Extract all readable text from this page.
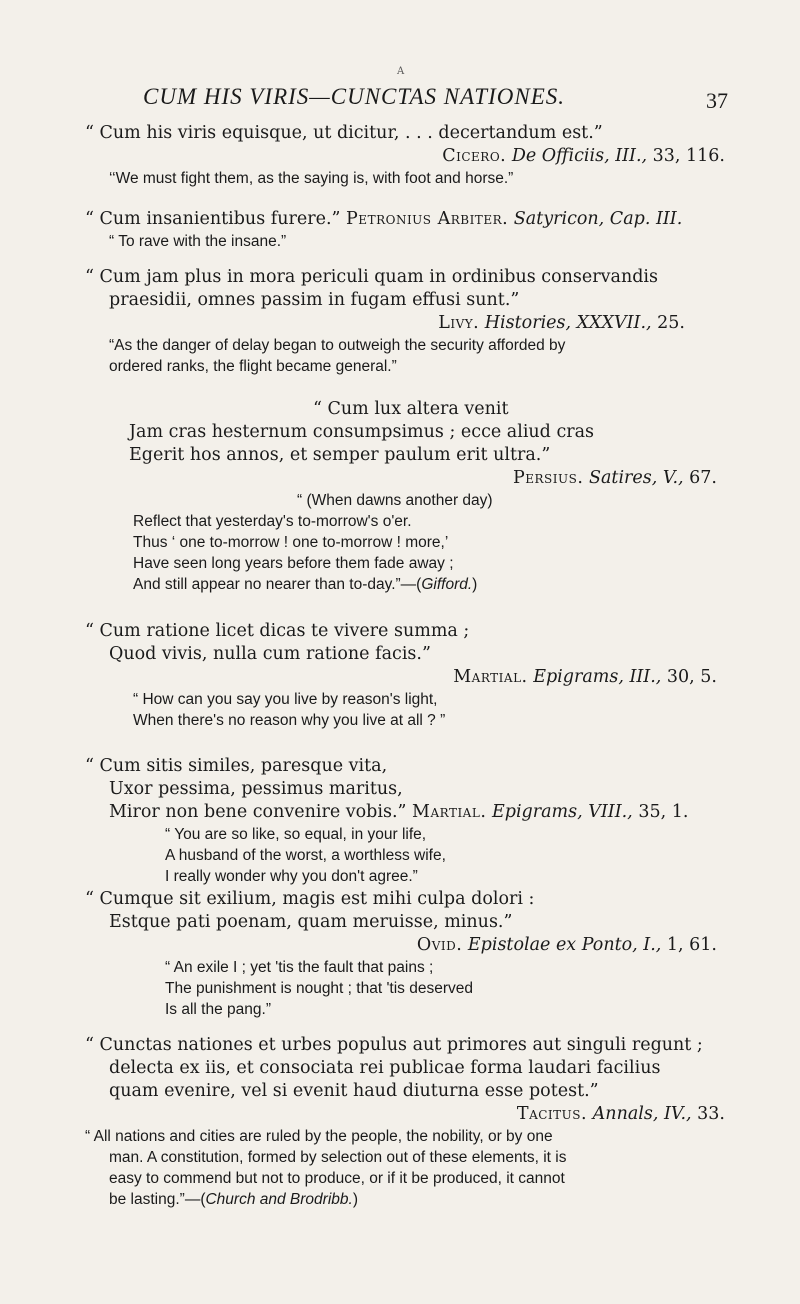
A
CUM HIS VIRIS—CUNCTAS NATIONES.	37

“ Cum his viris equisque, ut dicitur, . . . decertandum est.”

Cicero. De Officiis, III., 33, 116.

‘‘We must fight them, as the saying is, with foot and horse.”

“ Cum insanientibus furere.” Petronius Arbiter. Satyricon, Cap. III.

“ To rave with the insane.”

“ Cum jam plus in mora periculi quam in ordinibus conservandis

praesidii, omnes passim in fugam effusi sunt.”

Livy. Histories, XXXVII., 25.

“As the danger of delay began to outweigh the security afforded by

ordered ranks, the flight became general.”

“ Cum lux altera venit

Jam cras hesternum consumpsimus ; ecce aliud cras

Egerit hos annos, et semper paulum erit ultra.”

Persius. Satires, V., 67.

“ (When dawns another day)

Reflect that yesterday's to-morrow's o'er.

Thus ‘ one to-morrow ! one to-morrow ! more,’

Have seen long years before them fade away ;

And still appear no nearer than to-day.”—(Gifford.)

“ Cum ratione licet dicas te vivere summa ;

Quod vivis, nulla cum ratione facis.”

Martial. Epigrams, III., 30, 5.

“ How can you say you live by reason's light,

When there's no reason why you live at all ? ”

“ Cum sitis similes, paresque vita,

Uxor pessima, pessimus maritus,

Miror non bene convenire vobis.” Martial. Epigrams, VIII., 35, 1.

“ You are so like, so equal, in your life,

A husband of the worst, a worthless wife,

I really wonder why you don't agree.”

“ Cumque sit exilium, magis est mihi culpa dolori :

Estque pati poenam, quam meruisse, minus.”

Ovid. Epistolae ex Ponto, I., 1, 61.

“ An exile I ; yet 'tis the fault that pains ;

The punishment is nought ; that 'tis deserved

Is all the pang.”

“ Cunctas nationes et urbes populus aut primores aut singuli regunt ;

delecta ex iis, et consociata rei publicae forma laudari facilius

quam evenire, vel si evenit haud diuturna esse potest.”

Tacitus. Annals, IV., 33.

“ All nations and cities are ruled by the people, the nobility, or by one

man. A constitution, formed by selection out of these elements, it is

easy to commend but not to produce, or if it be produced, it cannot

be lasting.”—(Church and Brodribb.)
